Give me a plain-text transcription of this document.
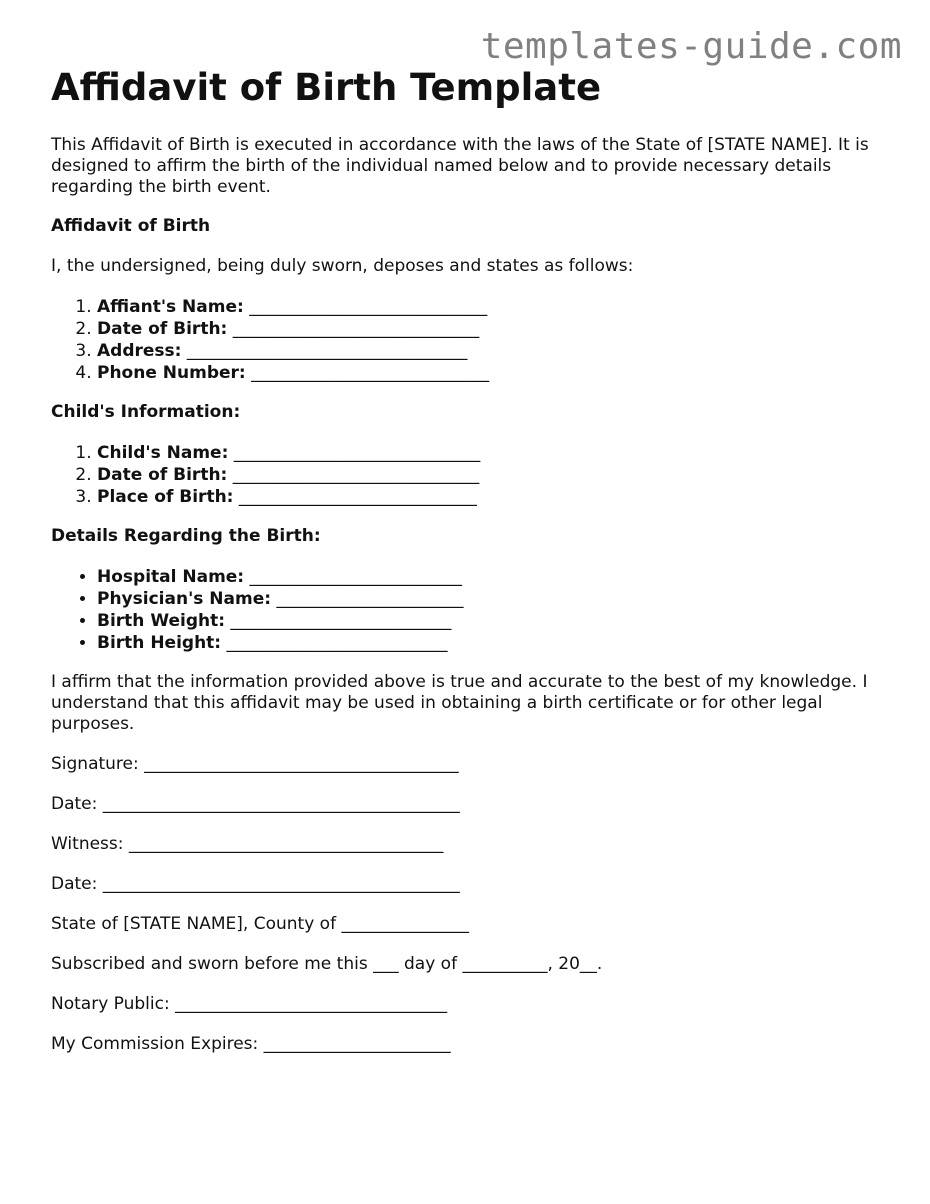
templates-guide.com
Affidavit of Birth Template

This Affidavit of Birth is executed in accordance with the laws of the State of [STATE NAME]. It is designed to affirm the birth of the individual named below and to provide necessary details regarding the birth event.

Affidavit of Birth

I, the undersigned, being duly sworn, deposes and states as follows:

1. Affiant's Name: ____________________________
2. Date of Birth: _____________________________
3. Address: _________________________________
4. Phone Number: ____________________________
Child's Information:
1. Child's Name: _____________________________
2. Date of Birth: _____________________________
3. Place of Birth: ____________________________
Details Regarding the Birth:
• Hospital Name: _________________________
• Physician's Name: ______________________
• Birth Weight: __________________________
• Birth Height: __________________________

I affirm that the information provided above is true and accurate to the best of my knowledge. I understand that this affidavit may be used in obtaining a birth certificate or for other legal purposes.

Signature: _____________________________________

Date: __________________________________________

Witness: _____________________________________

Date: __________________________________________

State of [STATE NAME], County of _______________

Subscribed and sworn before me this ___ day of __________, 20__.

Notary Public: ________________________________

My Commission Expires: ______________________
